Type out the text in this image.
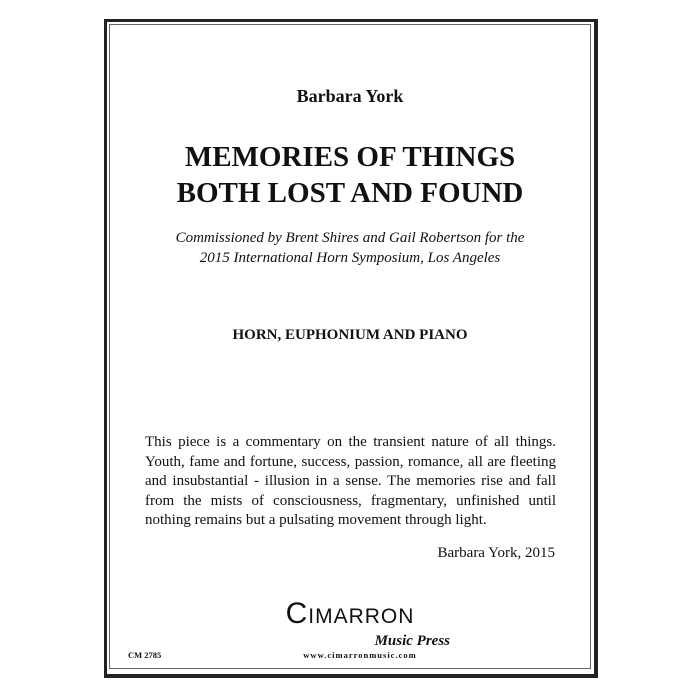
Barbara York
MEMORIES OF THINGS
BOTH LOST AND FOUND
Commissioned by Brent Shires and Gail Robertson for the
2015 International Horn Symposium, Los Angeles
HORN, EUPHONIUM AND PIANO
This piece is a commentary on the transient nature of all things. Youth, fame and fortune, success, passion, romance, all are fleeting and insubstantial - illusion in a sense. The memories rise and fall from the mists of consciousness, fragmentary, unfinished until nothing remains but a pulsating movement through light.
Barbara York, 2015
CIMARRON
Music Press
www.cimarronmusic.com
CM 2785
